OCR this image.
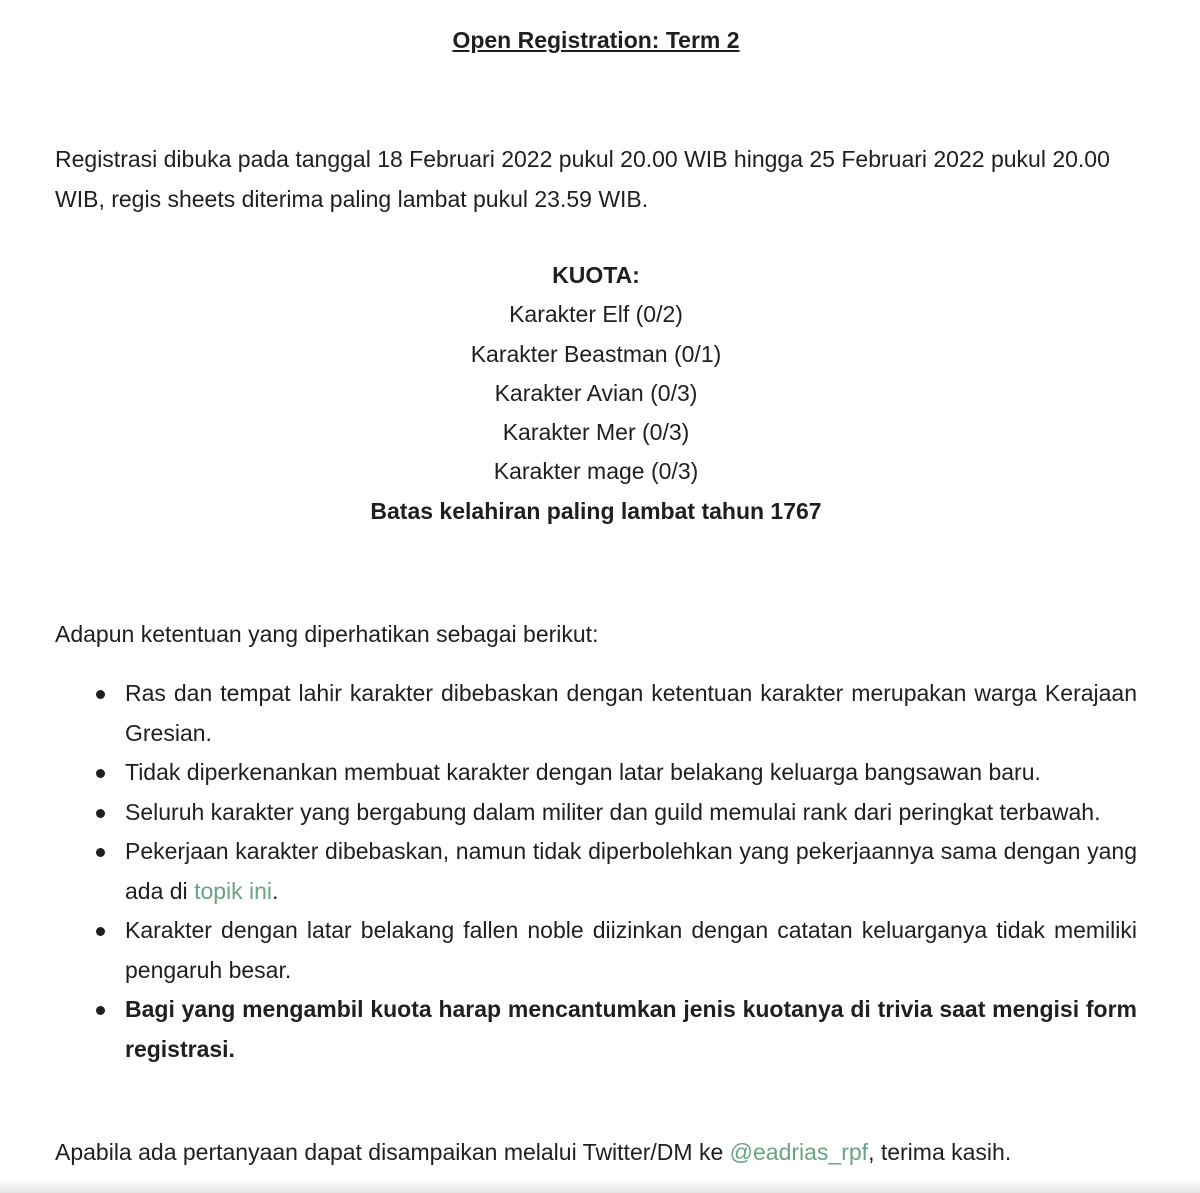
Open Registration: Term 2

Registrasi dibuka pada tanggal 18 Februari 2022 pukul 20.00 WIB hingga 25 Februari 2022 pukul 20.00 WIB, regis sheets diterima paling lambat pukul 23.59 WIB.

KUOTA:
Karakter Elf (0/2)
Karakter Beastman (0/1)
Karakter Avian (0/3)
Karakter Mer (0/3)
Karakter mage (0/3)
Batas kelahiran paling lambat tahun 1767

Adapun ketentuan yang diperhatikan sebagai berikut:

Ras dan tempat lahir karakter dibebaskan dengan ketentuan karakter merupakan warga Kerajaan Gresian.
Tidak diperkenankan membuat karakter dengan latar belakang keluarga bangsawan baru.
Seluruh karakter yang bergabung dalam militer dan guild memulai rank dari peringkat terbawah.
Pekerjaan karakter dibebaskan, namun tidak diperbolehkan yang pekerjaannya sama dengan yang ada di topik ini.
Karakter dengan latar belakang fallen noble diizinkan dengan catatan keluarganya tidak memiliki pengaruh besar.
Bagi yang mengambil kuota harap mencantumkan jenis kuotanya di trivia saat mengisi form registrasi.

Apabila ada pertanyaan dapat disampaikan melalui Twitter/DM ke @eadrias_rpf, terima kasih.
